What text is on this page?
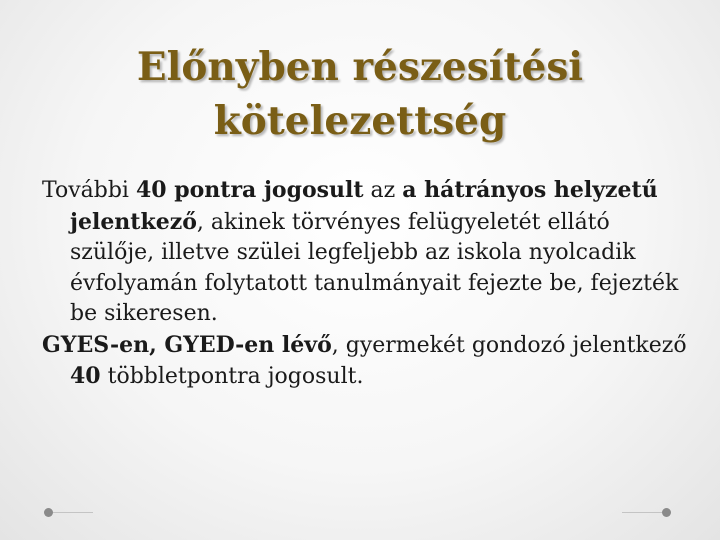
Előnyben részesítési
kötelezettség

További 40 pontra jogosult az a hátrányos helyzetű jelentkező, akinek törvényes felügyeletét ellátó szülője, illetve szülei legfeljebb az iskola nyolcadik évfolyamán folytatott tanulmányait fejezte be, fejezték be sikeresen.

GYES-en, GYED-en lévő, gyermekét gondozó jelentkező 40 többletpontra jogosult.
